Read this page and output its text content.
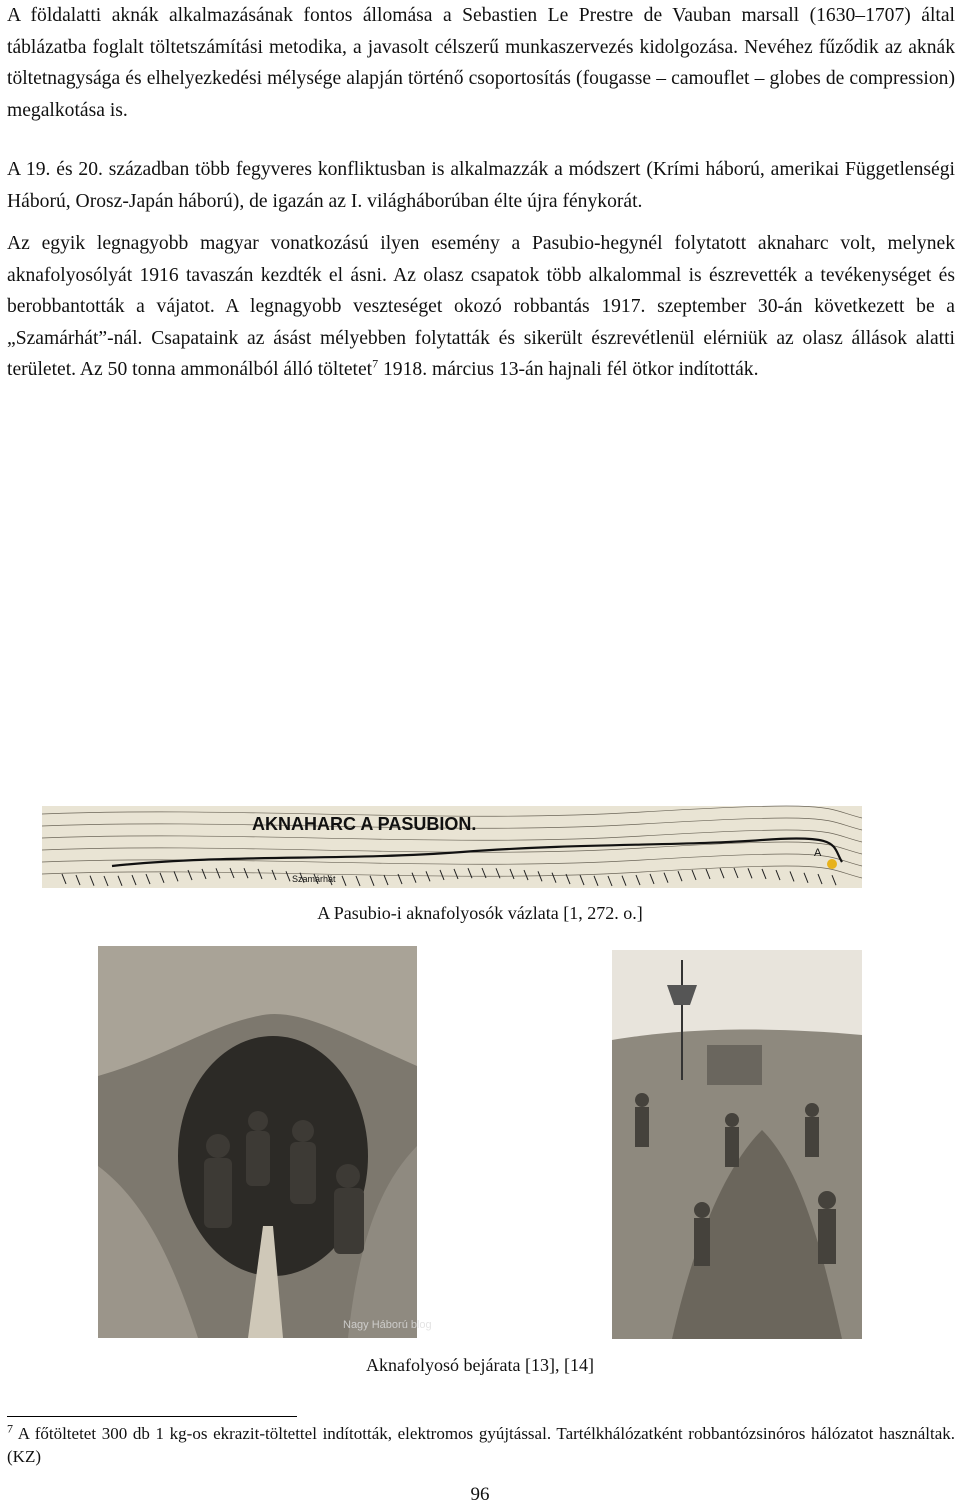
A földalatti aknák alkalmazásának fontos állomása a Sebastien Le Prestre de Vauban marsall (1630–1707) által táblázatba foglalt töltetszámítási metodika, a javasolt célszerű munkaszervezés kidolgozása. Nevéhez fűződik az aknák töltetnagysága és elhelyezkedési mélysége alapján történő csoportosítás (fougasse – camouflet – globes de compression) megalkotása is.

A 19. és 20. században több fegyveres konfliktusban is alkalmazzák a módszert (Krími háború, amerikai Függetlenségi Háború, Orosz-Japán háború), de igazán az I. világháborúban élte újra fénykorát.

Az egyik legnagyobb magyar vonatkozású ilyen esemény a Pasubio-hegynél folytatott aknaharc volt, melynek aknafolyosólyát 1916 tavaszán kezdték el ásni. Az olasz csapatok több alkalommal is észrevették a tevékenységet és berobbantották a vájatot. A legnagyobb veszteséget okozó robbantás 1917. szeptember 30-án következett be a „Szamárhát”-nál. Csapataink az ásást mélyebben folytatták és sikerült észrevétlenül elérniük az olasz állások alatti területet. Az 50 tonna ammonálból álló töltetet$^7$ 1918. március 13-án hajnali fél ötkor indították.

A Pasubio-i aknafolyosók vázlata [1, 272. o.]

Nagy Háború blog

Aknafolyosó bejárata [13], [14]

$^7$ A főtöltetet 300 db 1 kg-os ekrazit-töltettel indították, elektromos gyújtással. Tartélkhálózatként robbantózsinóros hálózatot használtak. (KZ)

96
A
Szamárhát
AKNAHARC A PASUBION.
